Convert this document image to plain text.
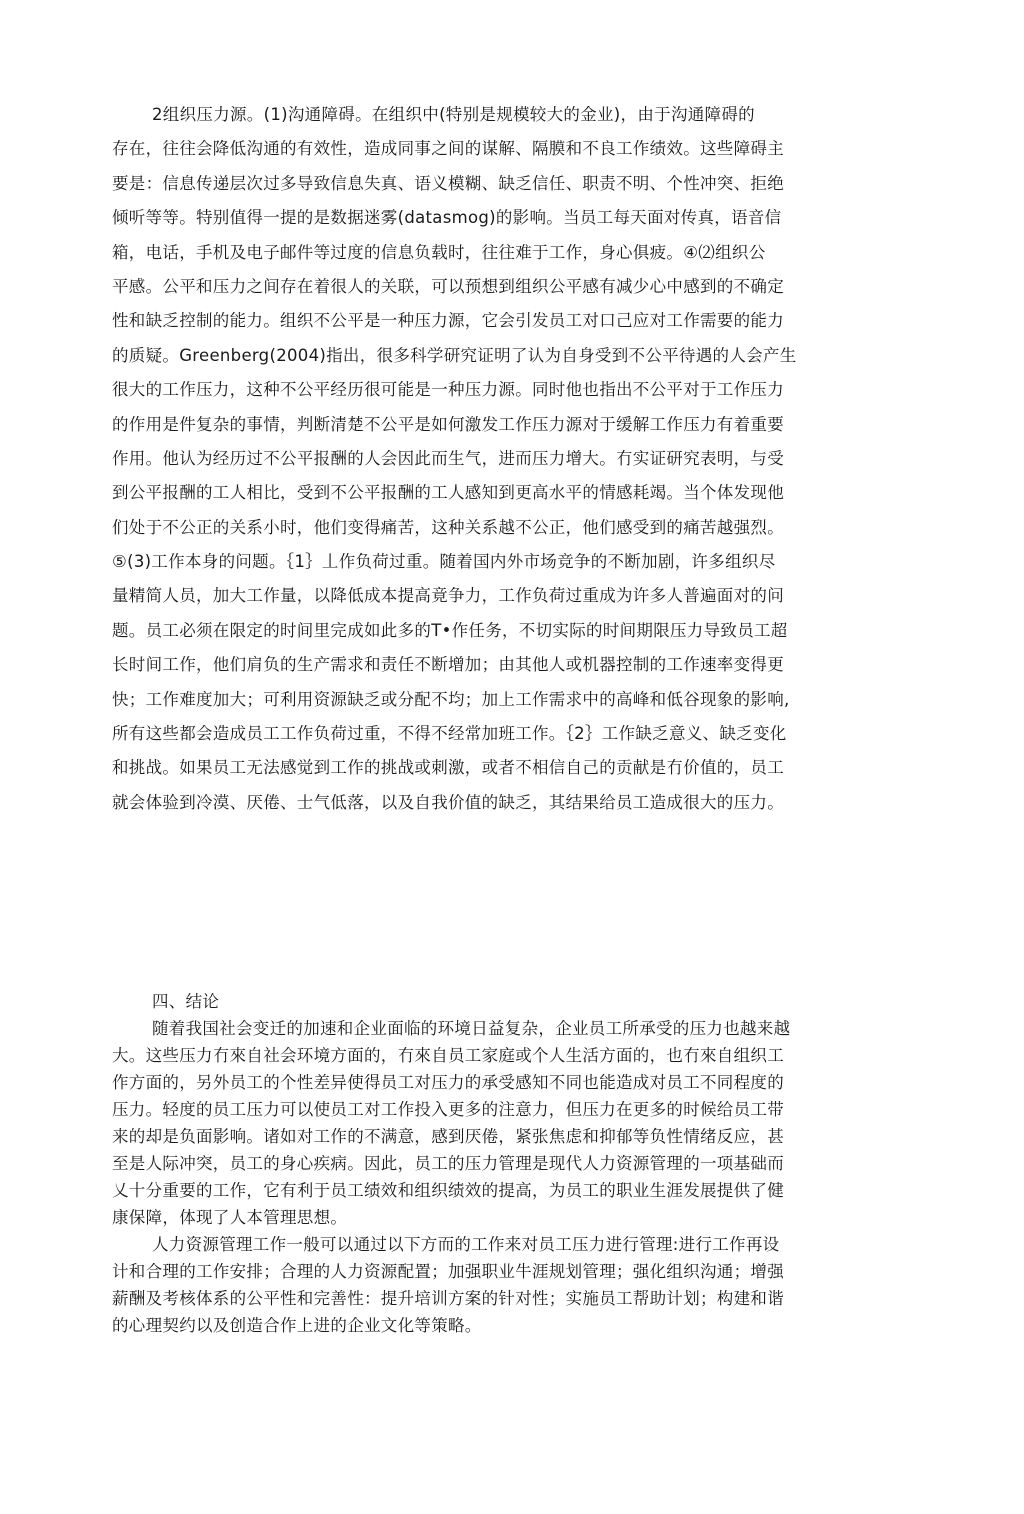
2组织压力源。(1)沟通障碍。在组织中(特别是规模较大的金业)，由于沟通障碍的
存在，往往会降低沟通的有效性，造成同事之间的谋解、隔膜和不良工作绩效。这些障碍主
要是：信息传递层次过多导致信息失真、语义模糊、缺乏信任、职责不明、个性冲突、拒绝
倾听等等。特别值得一提的是数据迷雾(datasmog)的影响。当员工每天面对传真，语音信
箱，电话，手机及电子邮件等过度的信息负载时，往往难于工作，身心俱疲。④⑵组织公
平感。公平和压力之间存在着很人的关联，可以预想到组织公平感有减少心中感到的不确定
性和缺乏控制的能力。组织不公平是一种压力源，它会引发员工对口己应对工作需要的能力
的质疑。Greenberg(2004)指出，很多科学研究证明了认为自身受到不公平待遇的人会产生
很大的工作压力，这种不公平经历很可能是一种压力源。同时他也指出不公平对于工作压力
的作用是件复杂的事情，判断清楚不公平是如何激发工作压力源对于缓解工作压力有着重要
作用。他认为经历过不公平报酬的人会因此而生气，进而压力增大。冇实证研究表明，与受
到公平报酬的工人相比，受到不公平报酬的工人感知到更高水平的情感耗竭。当个体发现他
们处于不公正的关系小时，他们变得痛苦，这种关系越不公正，他们感受到的痛苦越强烈。
⑤(3)工作本身的问题。｛1｝丄作负荷过重。随着国内外市场竞争的不断加剧，许多组织尽
量精简人员，加大工作量，以降低成本提高竟争力，工作负荷过重成为许多人普遍面对的问
题。员工必须在限定的时间里完成如此多的T•作任务，不切实际的时间期限压力导致员工超
长时间工作，他们肩负的生产需求和责任不断增加；由其他人或机器控制的工作速率变得更
快；工作难度加大；可利用资源缺乏或分配不均；加上工作需求中的高峰和低谷现象的影响,
所有这些都会造成员工工作负荷过重，不得不经常加班工作。｛2｝工作缺乏意义、缺乏变化
和挑战。如果员工无法感觉到工作的挑战或刺激，或者不相信自己的贡献是冇价值的，员工
就会体验到冷漠、厌倦、士气低落，以及自我价值的缺乏，其结果给员工造成很大的压力。
四、结论
随着我国社会变迁的加速和企业面临的环境日益复杂，企业员工所承受的压力也越来越
大。这些压力冇來自社会环境方面的，冇來自员工家庭或个人生活方面的，也冇來自组织工
作方面的，另外员工的个性差异使得员工对压力的承受感知不同也能造成对员工不同程度的
压力。轻度的员工压力可以使员工对工作投入更多的注意力，但压力在更多的时候给员工带
来的却是负面影响。诸如对工作的不满意，感到厌倦，紧张焦虑和抑郁等负性情绪反应，甚
至是人际冲突，员工的身心疾病。因此，员工的压力管理是现代人力资源管理的一项基础而
乂十分重要的工作，它有利于员工绩效和组织绩效的提高，为员工的职业生涯发展提供了健
康保障，体现了人本管理思想。
人力资源管理工作一般可以通过以下方而的工作来对员工压力进行管理:进行工作再设
计和合理的工作安排；合理的人力资源配置；加强职业牛涯规划管理；强化组织沟通；增强
薪酬及考核体系的公平性和完善性：提升培训方案的针对性；实施员工帮助计划；构建和谐
的心理契约以及创造合作上进的企业文化等策略。
